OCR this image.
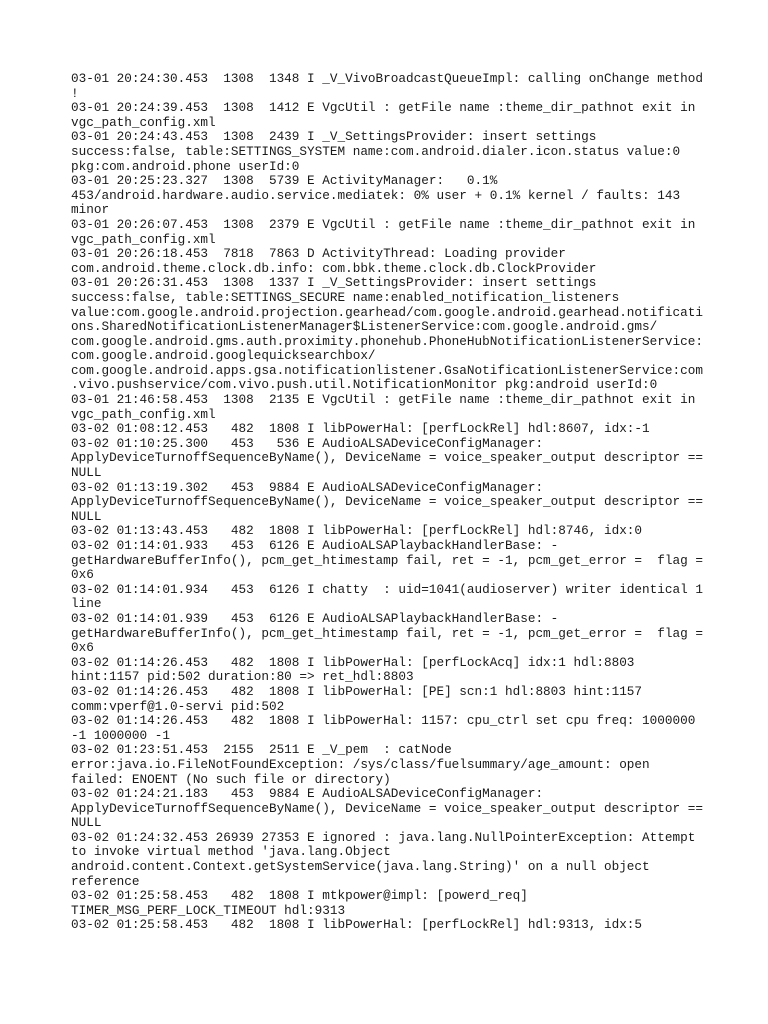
03-01 20:24:30.453  1308  1348 I _V_VivoBroadcastQueueImpl: calling onChange method
!
03-01 20:24:39.453  1308  1412 E VgcUtil : getFile name :theme_dir_pathnot exit in
vgc_path_config.xml
03-01 20:24:43.453  1308  2439 I _V_SettingsProvider: insert settings
success:false, table:SETTINGS_SYSTEM name:com.android.dialer.icon.status value:0
pkg:com.android.phone userId:0
03-01 20:25:23.327  1308  5739 E ActivityManager:   0.1%
453/android.hardware.audio.service.mediatek: 0% user + 0.1% kernel / faults: 143
minor
03-01 20:26:07.453  1308  2379 E VgcUtil : getFile name :theme_dir_pathnot exit in
vgc_path_config.xml
03-01 20:26:18.453  7818  7863 D ActivityThread: Loading provider
com.android.theme.clock.db.info: com.bbk.theme.clock.db.ClockProvider
03-01 20:26:31.453  1308  1337 I _V_SettingsProvider: insert settings
success:false, table:SETTINGS_SECURE name:enabled_notification_listeners
value:com.google.android.projection.gearhead/com.google.android.gearhead.notificati
ons.SharedNotificationListenerManager$ListenerService:com.google.android.gms/
com.google.android.gms.auth.proximity.phonehub.PhoneHubNotificationListenerService:
com.google.android.googlequicksearchbox/
com.google.android.apps.gsa.notificationlistener.GsaNotificationListenerService:com
.vivo.pushservice/com.vivo.push.util.NotificationMonitor pkg:android userId:0
03-01 21:46:58.453  1308  2135 E VgcUtil : getFile name :theme_dir_pathnot exit in
vgc_path_config.xml
03-02 01:08:12.453   482  1808 I libPowerHal: [perfLockRel] hdl:8607, idx:-1
03-02 01:10:25.300   453   536 E AudioALSADeviceConfigManager:
ApplyDeviceTurnoffSequenceByName(), DeviceName = voice_speaker_output descriptor ==
NULL
03-02 01:13:19.302   453  9884 E AudioALSADeviceConfigManager:
ApplyDeviceTurnoffSequenceByName(), DeviceName = voice_speaker_output descriptor ==
NULL
03-02 01:13:43.453   482  1808 I libPowerHal: [perfLockRel] hdl:8746, idx:0
03-02 01:14:01.933   453  6126 E AudioALSAPlaybackHandlerBase: -
getHardwareBufferInfo(), pcm_get_htimestamp fail, ret = -1, pcm_get_error =  flag =
0x6
03-02 01:14:01.934   453  6126 I chatty  : uid=1041(audioserver) writer identical 1
line
03-02 01:14:01.939   453  6126 E AudioALSAPlaybackHandlerBase: -
getHardwareBufferInfo(), pcm_get_htimestamp fail, ret = -1, pcm_get_error =  flag =
0x6
03-02 01:14:26.453   482  1808 I libPowerHal: [perfLockAcq] idx:1 hdl:8803
hint:1157 pid:502 duration:80 => ret_hdl:8803
03-02 01:14:26.453   482  1808 I libPowerHal: [PE] scn:1 hdl:8803 hint:1157
comm:vperf@1.0-servi pid:502
03-02 01:14:26.453   482  1808 I libPowerHal: 1157: cpu_ctrl set cpu freq: 1000000
-1 1000000 -1
03-02 01:23:51.453  2155  2511 E _V_pem  : catNode
error:java.io.FileNotFoundException: /sys/class/fuelsummary/age_amount: open
failed: ENOENT (No such file or directory)
03-02 01:24:21.183   453  9884 E AudioALSADeviceConfigManager:
ApplyDeviceTurnoffSequenceByName(), DeviceName = voice_speaker_output descriptor ==
NULL
03-02 01:24:32.453 26939 27353 E ignored : java.lang.NullPointerException: Attempt
to invoke virtual method 'java.lang.Object
android.content.Context.getSystemService(java.lang.String)' on a null object
reference
03-02 01:25:58.453   482  1808 I mtkpower@impl: [powerd_req]
TIMER_MSG_PERF_LOCK_TIMEOUT hdl:9313
03-02 01:25:58.453   482  1808 I libPowerHal: [perfLockRel] hdl:9313, idx:5
